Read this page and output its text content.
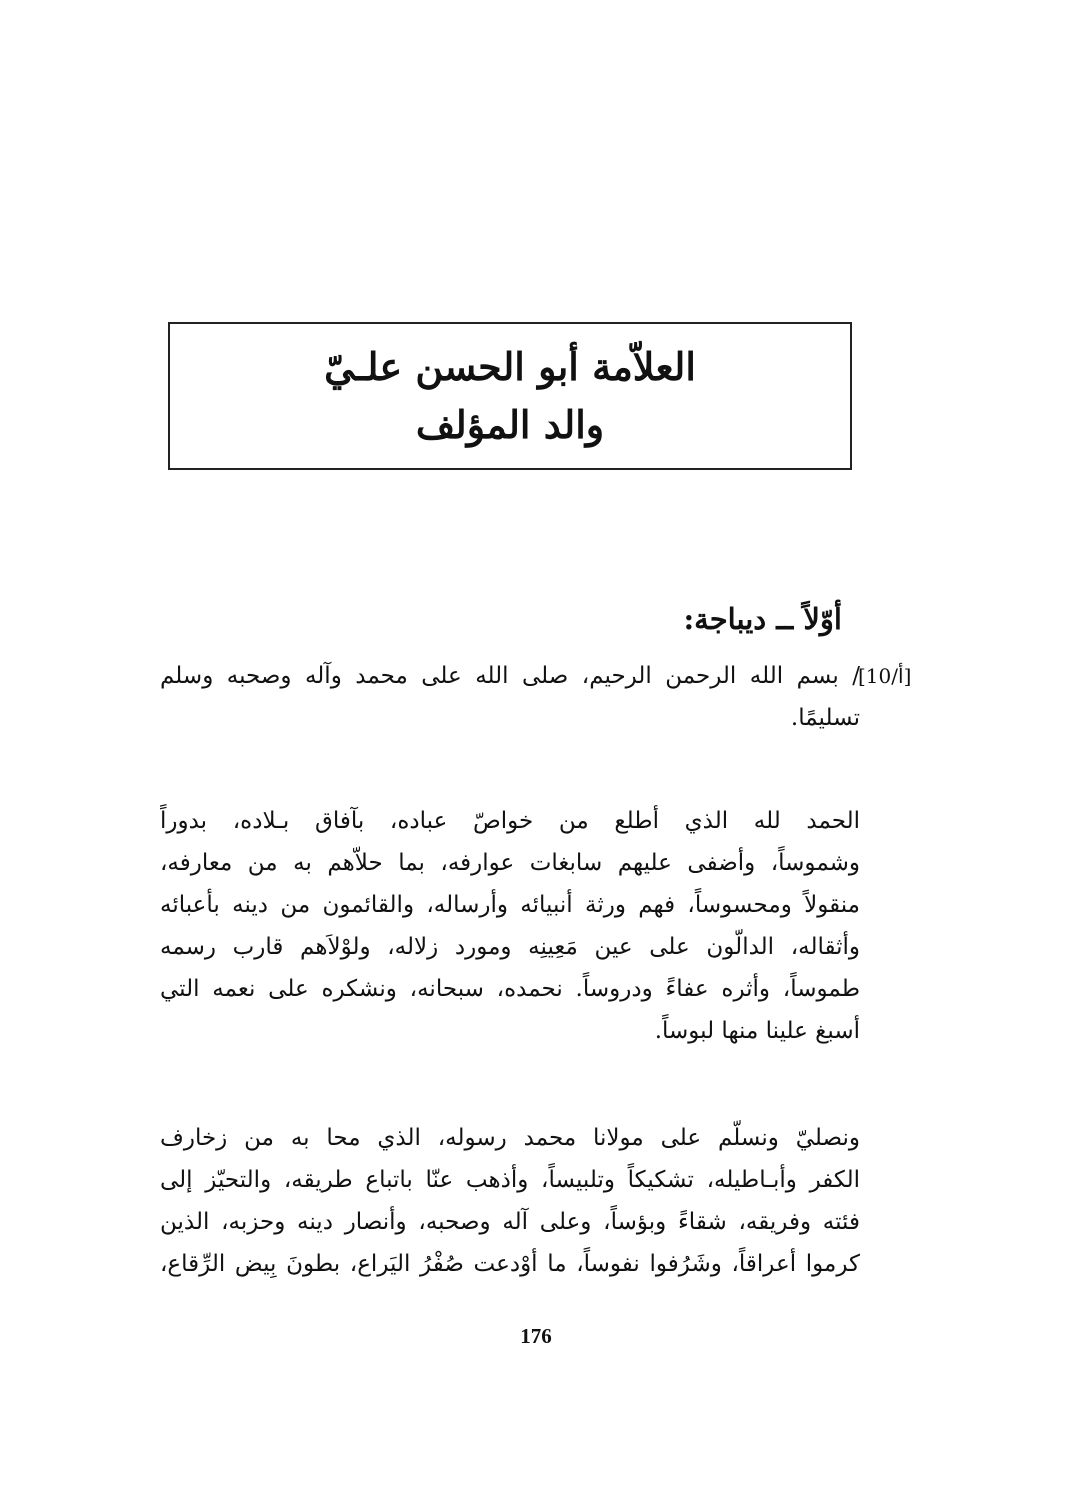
العلاّمة أبو الحسن علـيّ
والد المؤلف
أوّلاً ــ ديباجة:
[10/أ]
/ بسم الله الرحمن الرحيم، صلى الله على محمد وآله وصحبه وسلم
تسليمًا.
الحمد لله الذي أطلع من خواصّ عباده، بآفاق بـلاده، بدوراً
وشموساً، وأضفى عليهم سابغات عوارفه، بما حلاّهم به من معارفه،
منقولاً ومحسوساً، فهم ورثة أنبيائه وأرساله، والقائمون من دينه بأعبائه
وأثقاله، الدالّون على عين مَعِينِه ومورد زلاله، ولوْلاَهم قارب رسمه
طموساً، وأثره عفاءً ودروساً. نحمده، سبحانه، ونشكره على نعمه التي
أسبغ علينا منها لبوساً.
ونصليّ ونسلّم على مولانا محمد رسوله، الذي محا به من زخارف
الكفر وأبـاطيله، تشكيكاً وتلبيساً، وأذهب عنّا باتباع طريقه، والتحيّز إلى
فئته وفريقه، شقاءً وبؤساً، وعلى آله وصحبه، وأنصار دينه وحزبه، الذين
كرموا أعراقاً، وشَرُفوا نفوساً، ما أوْدعت صُفْرُ اليَراع، بطونَ بِيض الرِّقاع،
176
